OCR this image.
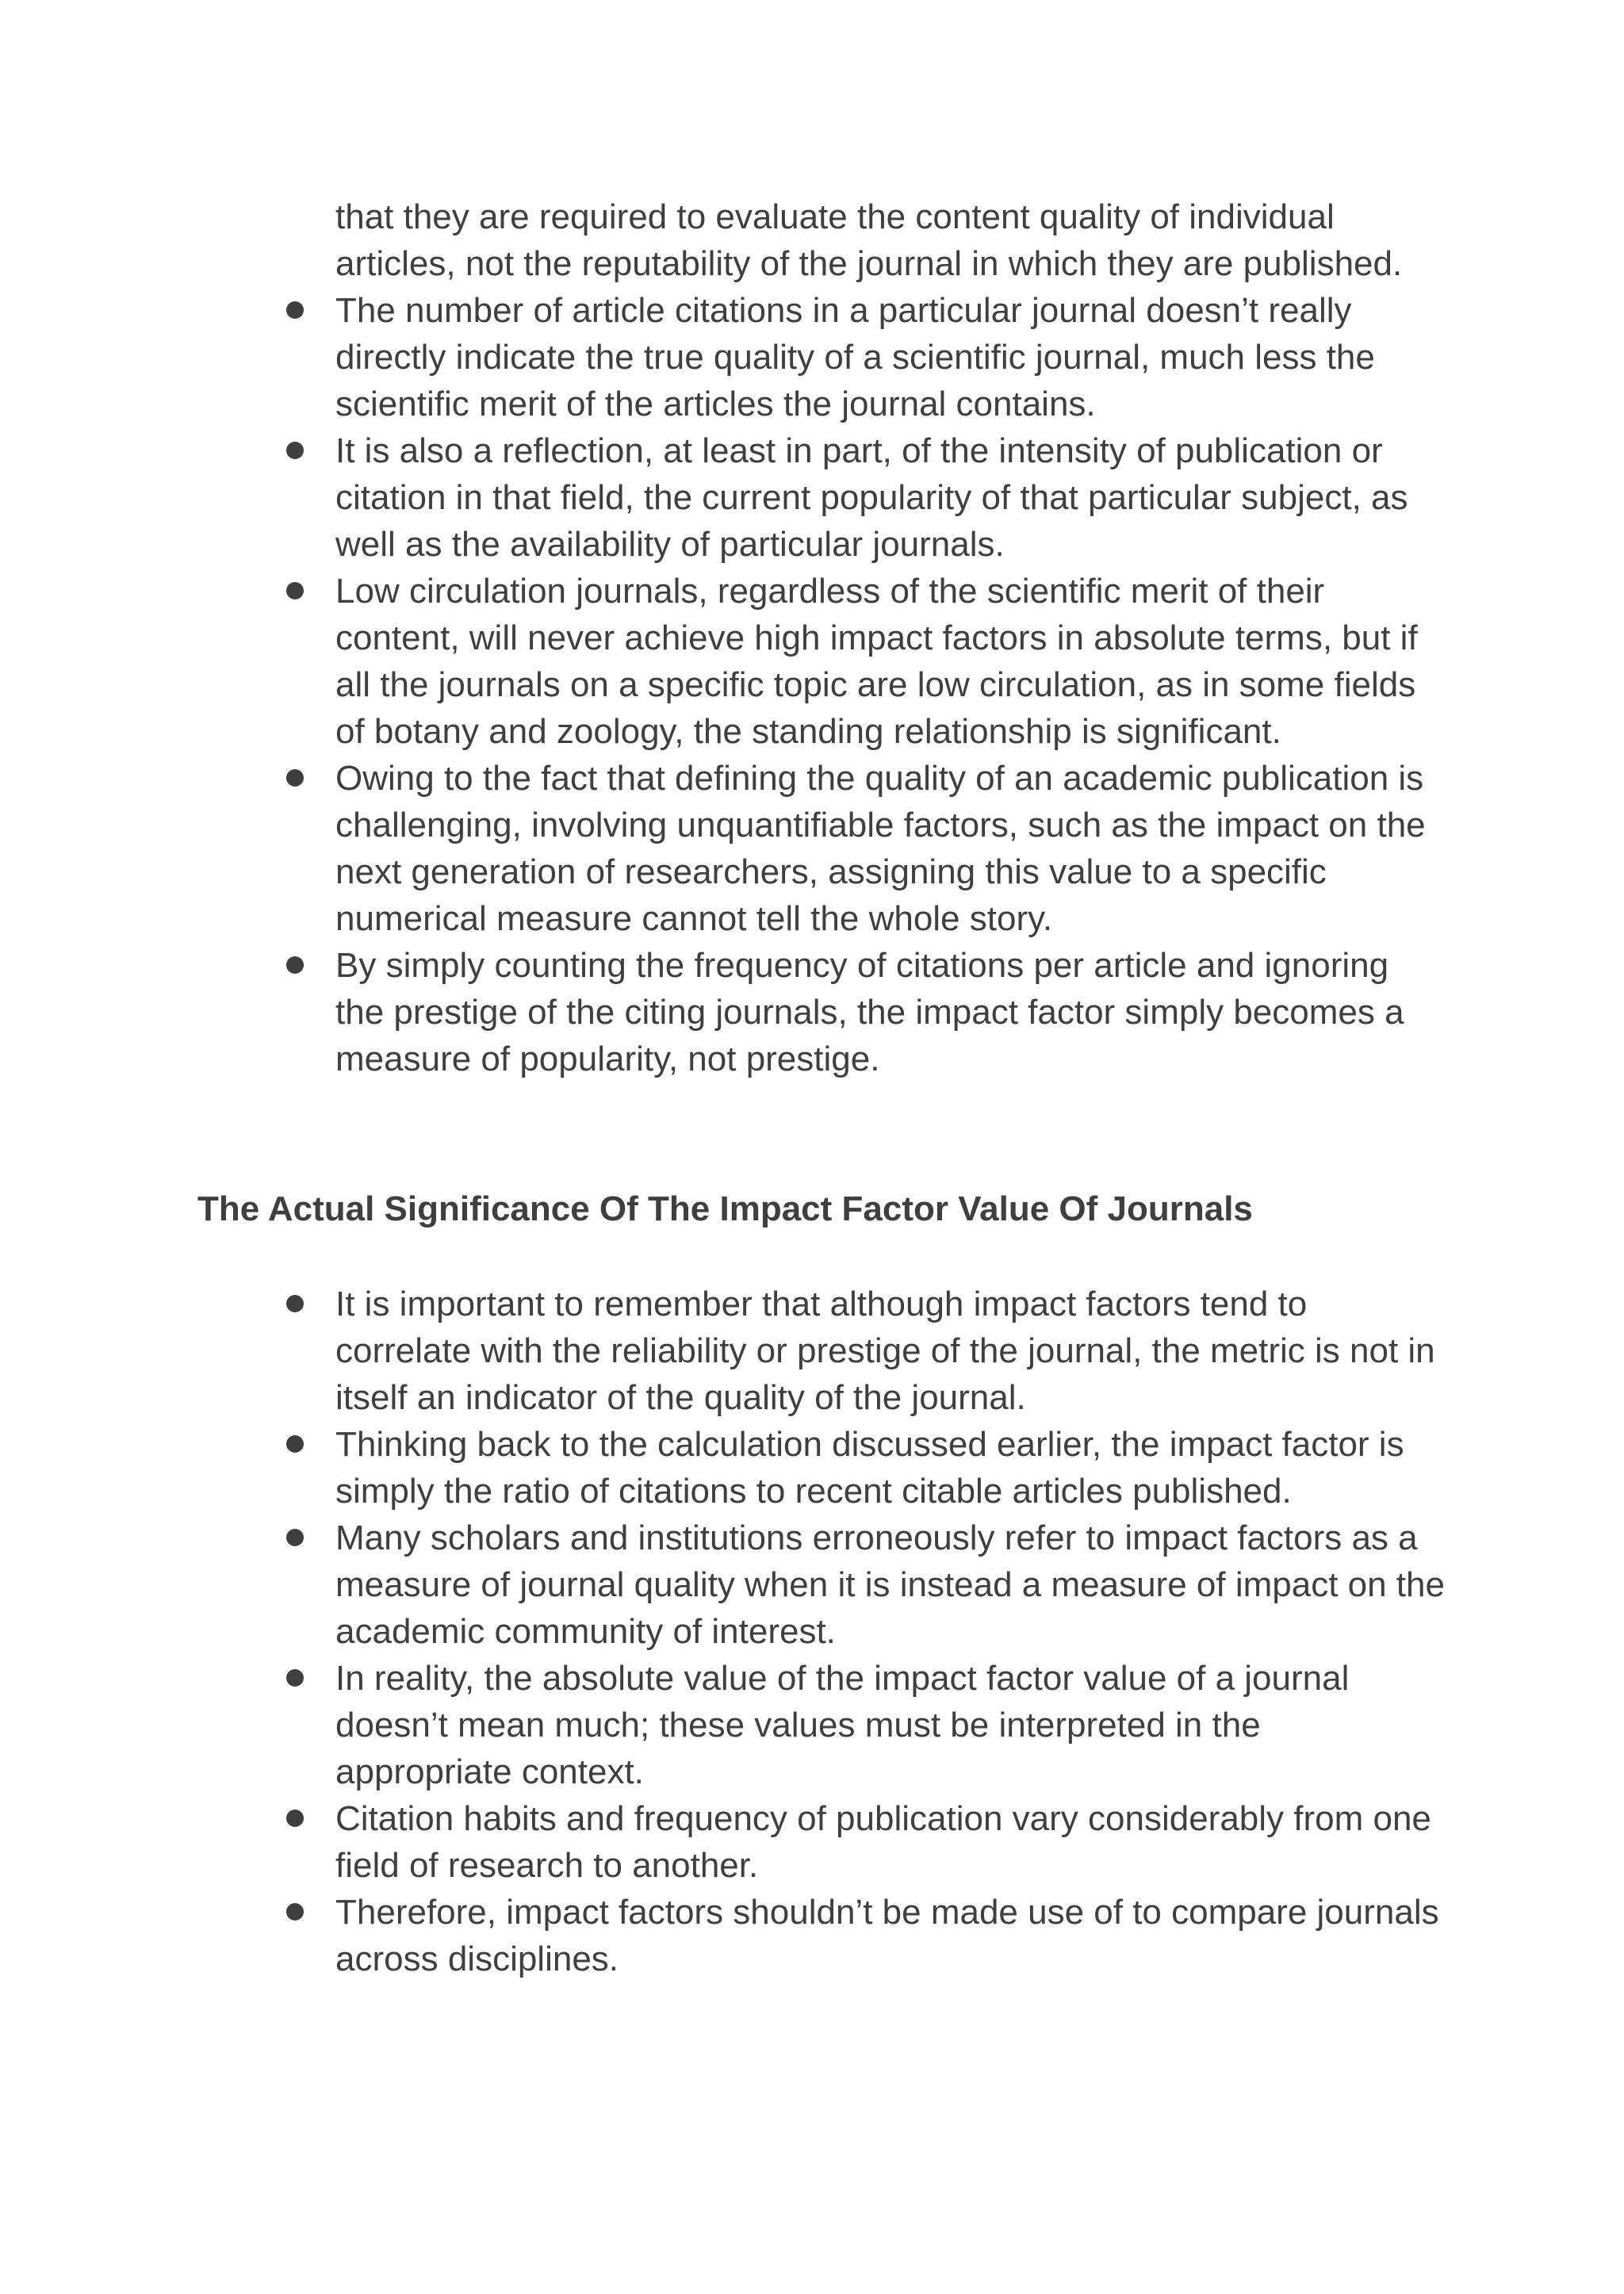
that they are required to evaluate the content quality of individual articles, not the reputability of the journal in which they are published.

The number of article citations in a particular journal doesn’t really directly indicate the true quality of a scientific journal, much less the scientific merit of the articles the journal contains.
It is also a reflection, at least in part, of the intensity of publication or citation in that field, the current popularity of that particular subject, as well as the availability of particular journals.
Low circulation journals, regardless of the scientific merit of their content, will never achieve high impact factors in absolute terms, but if all the journals on a specific topic are low circulation, as in some fields of botany and zoology, the standing relationship is significant.
Owing to the fact that defining the quality of an academic publication is challenging, involving unquantifiable factors, such as the impact on the next generation of researchers, assigning this value to a specific numerical measure cannot tell the whole story.
By simply counting the frequency of citations per article and ignoring the prestige of the citing journals, the impact factor simply becomes a measure of popularity, not prestige.
The Actual Significance Of The Impact Factor Value Of Journals
It is important to remember that although impact factors tend to correlate with the reliability or prestige of the journal, the metric is not in itself an indicator of the quality of the journal.
Thinking back to the calculation discussed earlier, the impact factor is simply the ratio of citations to recent citable articles published.
Many scholars and institutions erroneously refer to impact factors as a measure of journal quality when it is instead a measure of impact on the academic community of interest.
In reality, the absolute value of the impact factor value of a journal doesn’t mean much; these values must be interpreted in the appropriate context.
Citation habits and frequency of publication vary considerably from one field of research to another.
Therefore, impact factors shouldn’t be made use of to compare journals across disciplines.
